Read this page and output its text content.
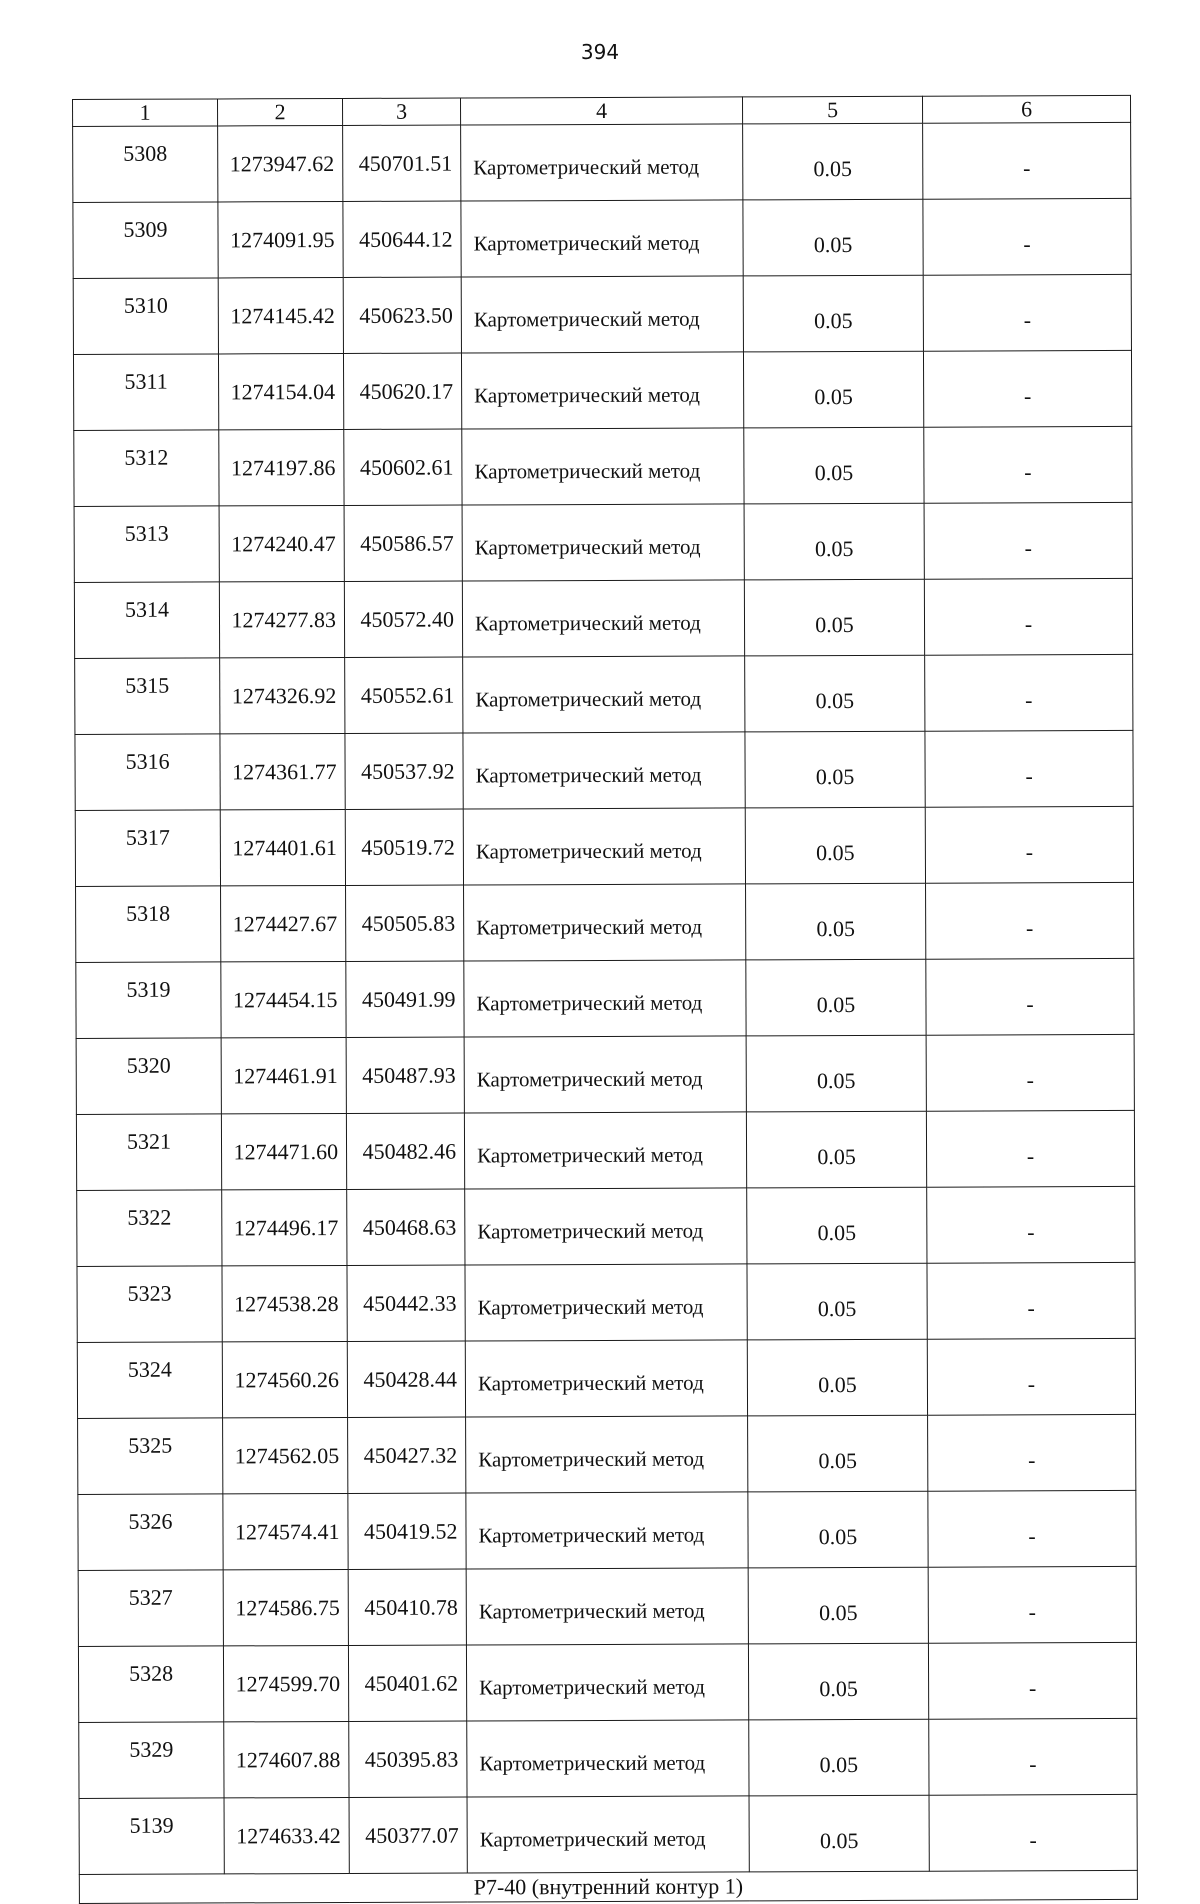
394
1	2	3	4	5	6
5308	1273947.62	450701.51	Картометрический метод	0.05	-
5309	1274091.95	450644.12	Картометрический метод	0.05	-
5310	1274145.42	450623.50	Картометрический метод	0.05	-
5311	1274154.04	450620.17	Картометрический метод	0.05	-
5312	1274197.86	450602.61	Картометрический метод	0.05	-
5313	1274240.47	450586.57	Картометрический метод	0.05	-
5314	1274277.83	450572.40	Картометрический метод	0.05	-
5315	1274326.92	450552.61	Картометрический метод	0.05	-
5316	1274361.77	450537.92	Картометрический метод	0.05	-
5317	1274401.61	450519.72	Картометрический метод	0.05	-
5318	1274427.67	450505.83	Картометрический метод	0.05	-
5319	1274454.15	450491.99	Картометрический метод	0.05	-
5320	1274461.91	450487.93	Картометрический метод	0.05	-
5321	1274471.60	450482.46	Картометрический метод	0.05	-
5322	1274496.17	450468.63	Картометрический метод	0.05	-
5323	1274538.28	450442.33	Картометрический метод	0.05	-
5324	1274560.26	450428.44	Картометрический метод	0.05	-
5325	1274562.05	450427.32	Картометрический метод	0.05	-
5326	1274574.41	450419.52	Картометрический метод	0.05	-
5327	1274586.75	450410.78	Картометрический метод	0.05	-
5328	1274599.70	450401.62	Картометрический метод	0.05	-
5329	1274607.88	450395.83	Картометрический метод	0.05	-
5139	1274633.42	450377.07	Картометрический метод	0.05	-
Р7-40 (внутренний контур 1)					
